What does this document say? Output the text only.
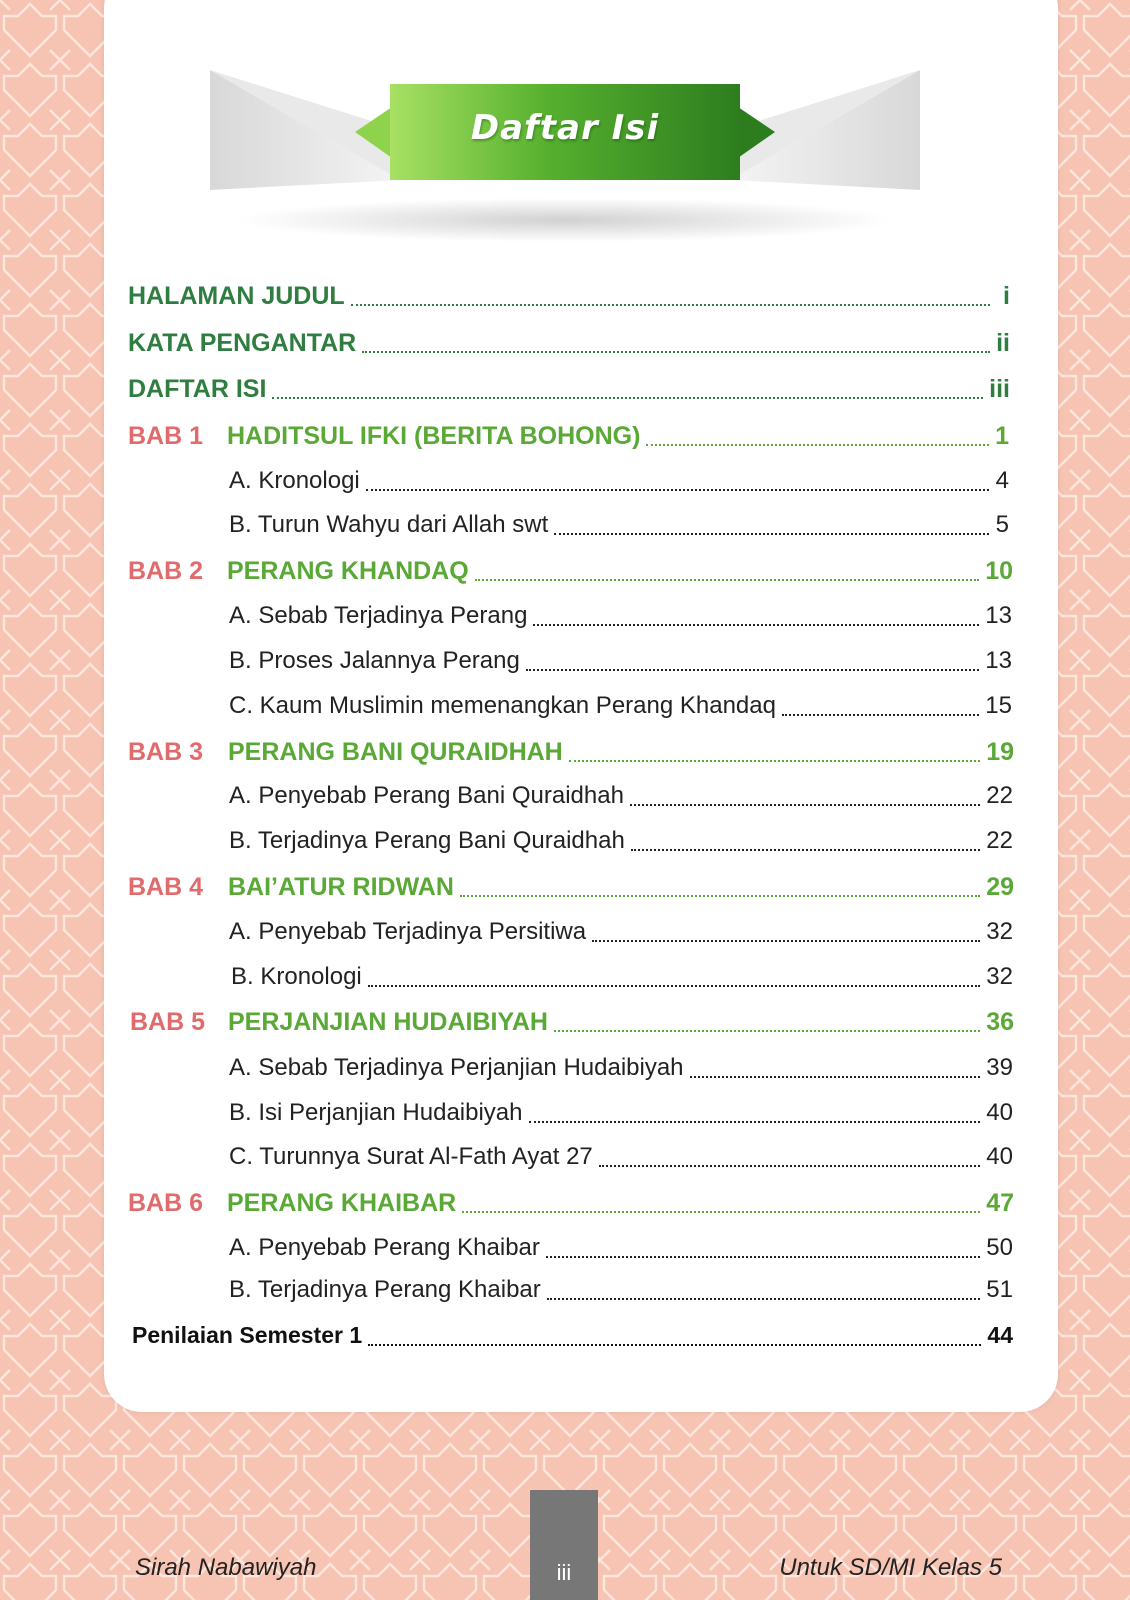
Daftar Isi
HALAMAN JUDUL	i
KATA PENGANTAR	ii
DAFTAR ISI	iii
BAB 1 HADITSUL IFKI (BERITA BOHONG)	1
A. Kronologi	4
B. Turun Wahyu dari Allah swt	5
BAB 2 PERANG KHANDAQ	10
A. Sebab Terjadinya Perang	13
B. Proses Jalannya Perang	13
C. Kaum Muslimin memenangkan Perang Khandaq	15
BAB 3 PERANG BANI QURAIDHAH	19
A. Penyebab Perang Bani Quraidhah	22
B. Terjadinya Perang Bani Quraidhah	22
BAB 4 BAI’ATUR RIDWAN	29
A. Penyebab Terjadinya Persitiwa	32
B. Kronologi	32
BAB 5 PERJANJIAN HUDAIBIYAH	36
A. Sebab Terjadinya Perjanjian Hudaibiyah	39
B. Isi Perjanjian Hudaibiyah	40
C. Turunnya Surat Al-Fath Ayat 27	40
BAB 6 PERANG KHAIBAR	47
A. Penyebab Perang Khaibar	50
B. Terjadinya Perang Khaibar	51
Penilaian Semester 1	44
Sirah Nabawiyah	iii	Untuk SD/MI Kelas 5
